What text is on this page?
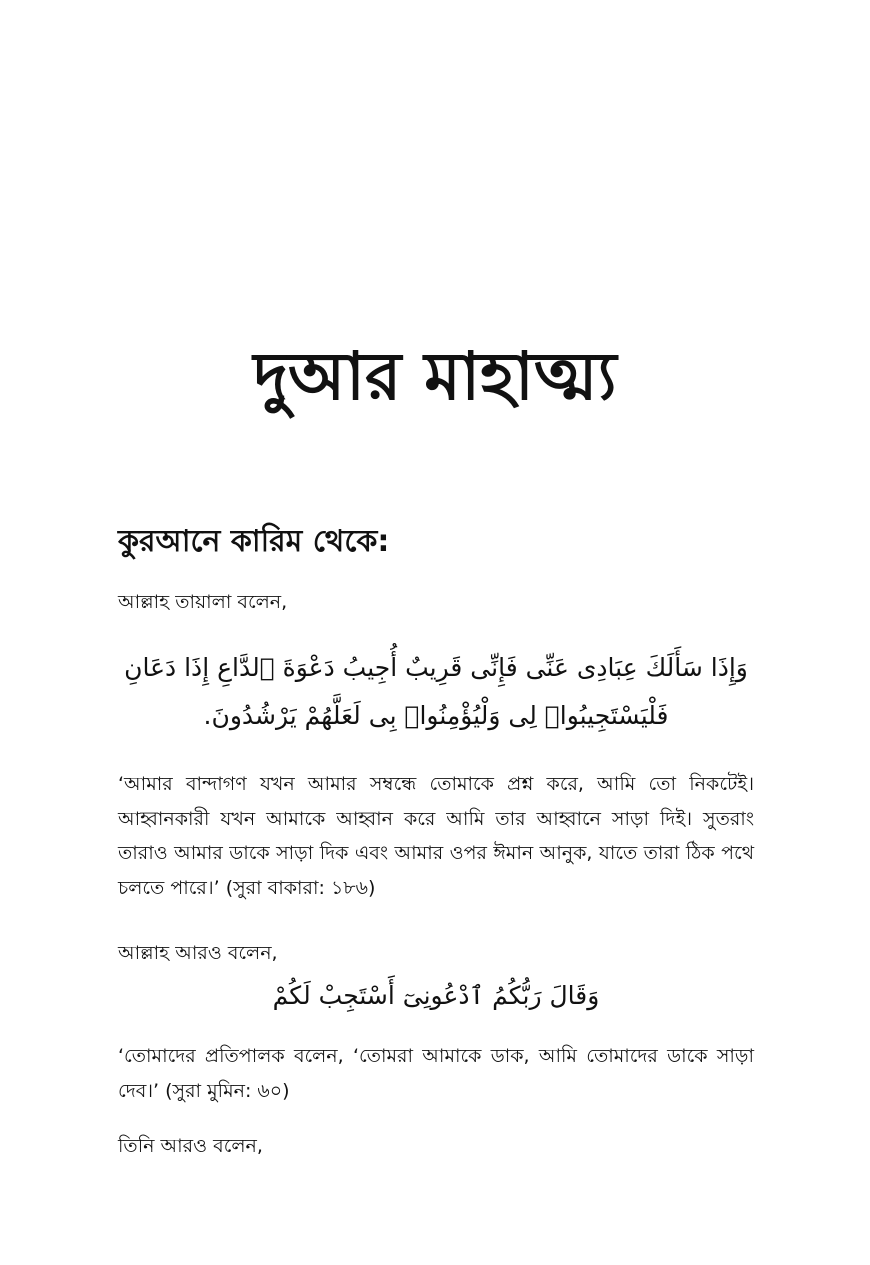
দুআর মাহাত্ম্য
কুরআনে কারিম থেকে:
আল্লাহ তায়ালা বলেন,
وَإِذَا سَأَلَكَ عِبَادِى عَنِّى فَإِنِّى قَرِيبٌ أُجِيبُ دَعْوَةَ ٱلدَّاعِ إِذَا دَعَانِ فَلْيَسْتَجِيبُوا۟ لِى وَلْيُؤْمِنُوا۟ بِى لَعَلَّهُمْ يَرْشُدُونَ.
‘আমার বান্দাগণ যখন আমার সম্বন্ধে তোমাকে প্রশ্ন করে, আমি তো নিকটেই। আহ্বানকারী যখন আমাকে আহ্বান করে আমি তার আহ্বানে সাড়া দিই। সুতরাং তারাও আমার ডাকে সাড়া দিক এবং আমার ওপর ঈমান আনুক, যাতে তারা ঠিক পথে চলতে পারে।’ (সুরা বাকারা: ১৮৬)
আল্লাহ আরও বলেন,
وَقَالَ رَبُّكُمُ ٱدْعُونِىٓ أَسْتَجِبْ لَكُمْ
‘তোমাদের প্রতিপালক বলেন, ‘তোমরা আমাকে ডাক, আমি তোমাদের ডাকে সাড়া দেব।’ (সুরা মুমিন: ৬০)
তিনি আরও বলেন,
